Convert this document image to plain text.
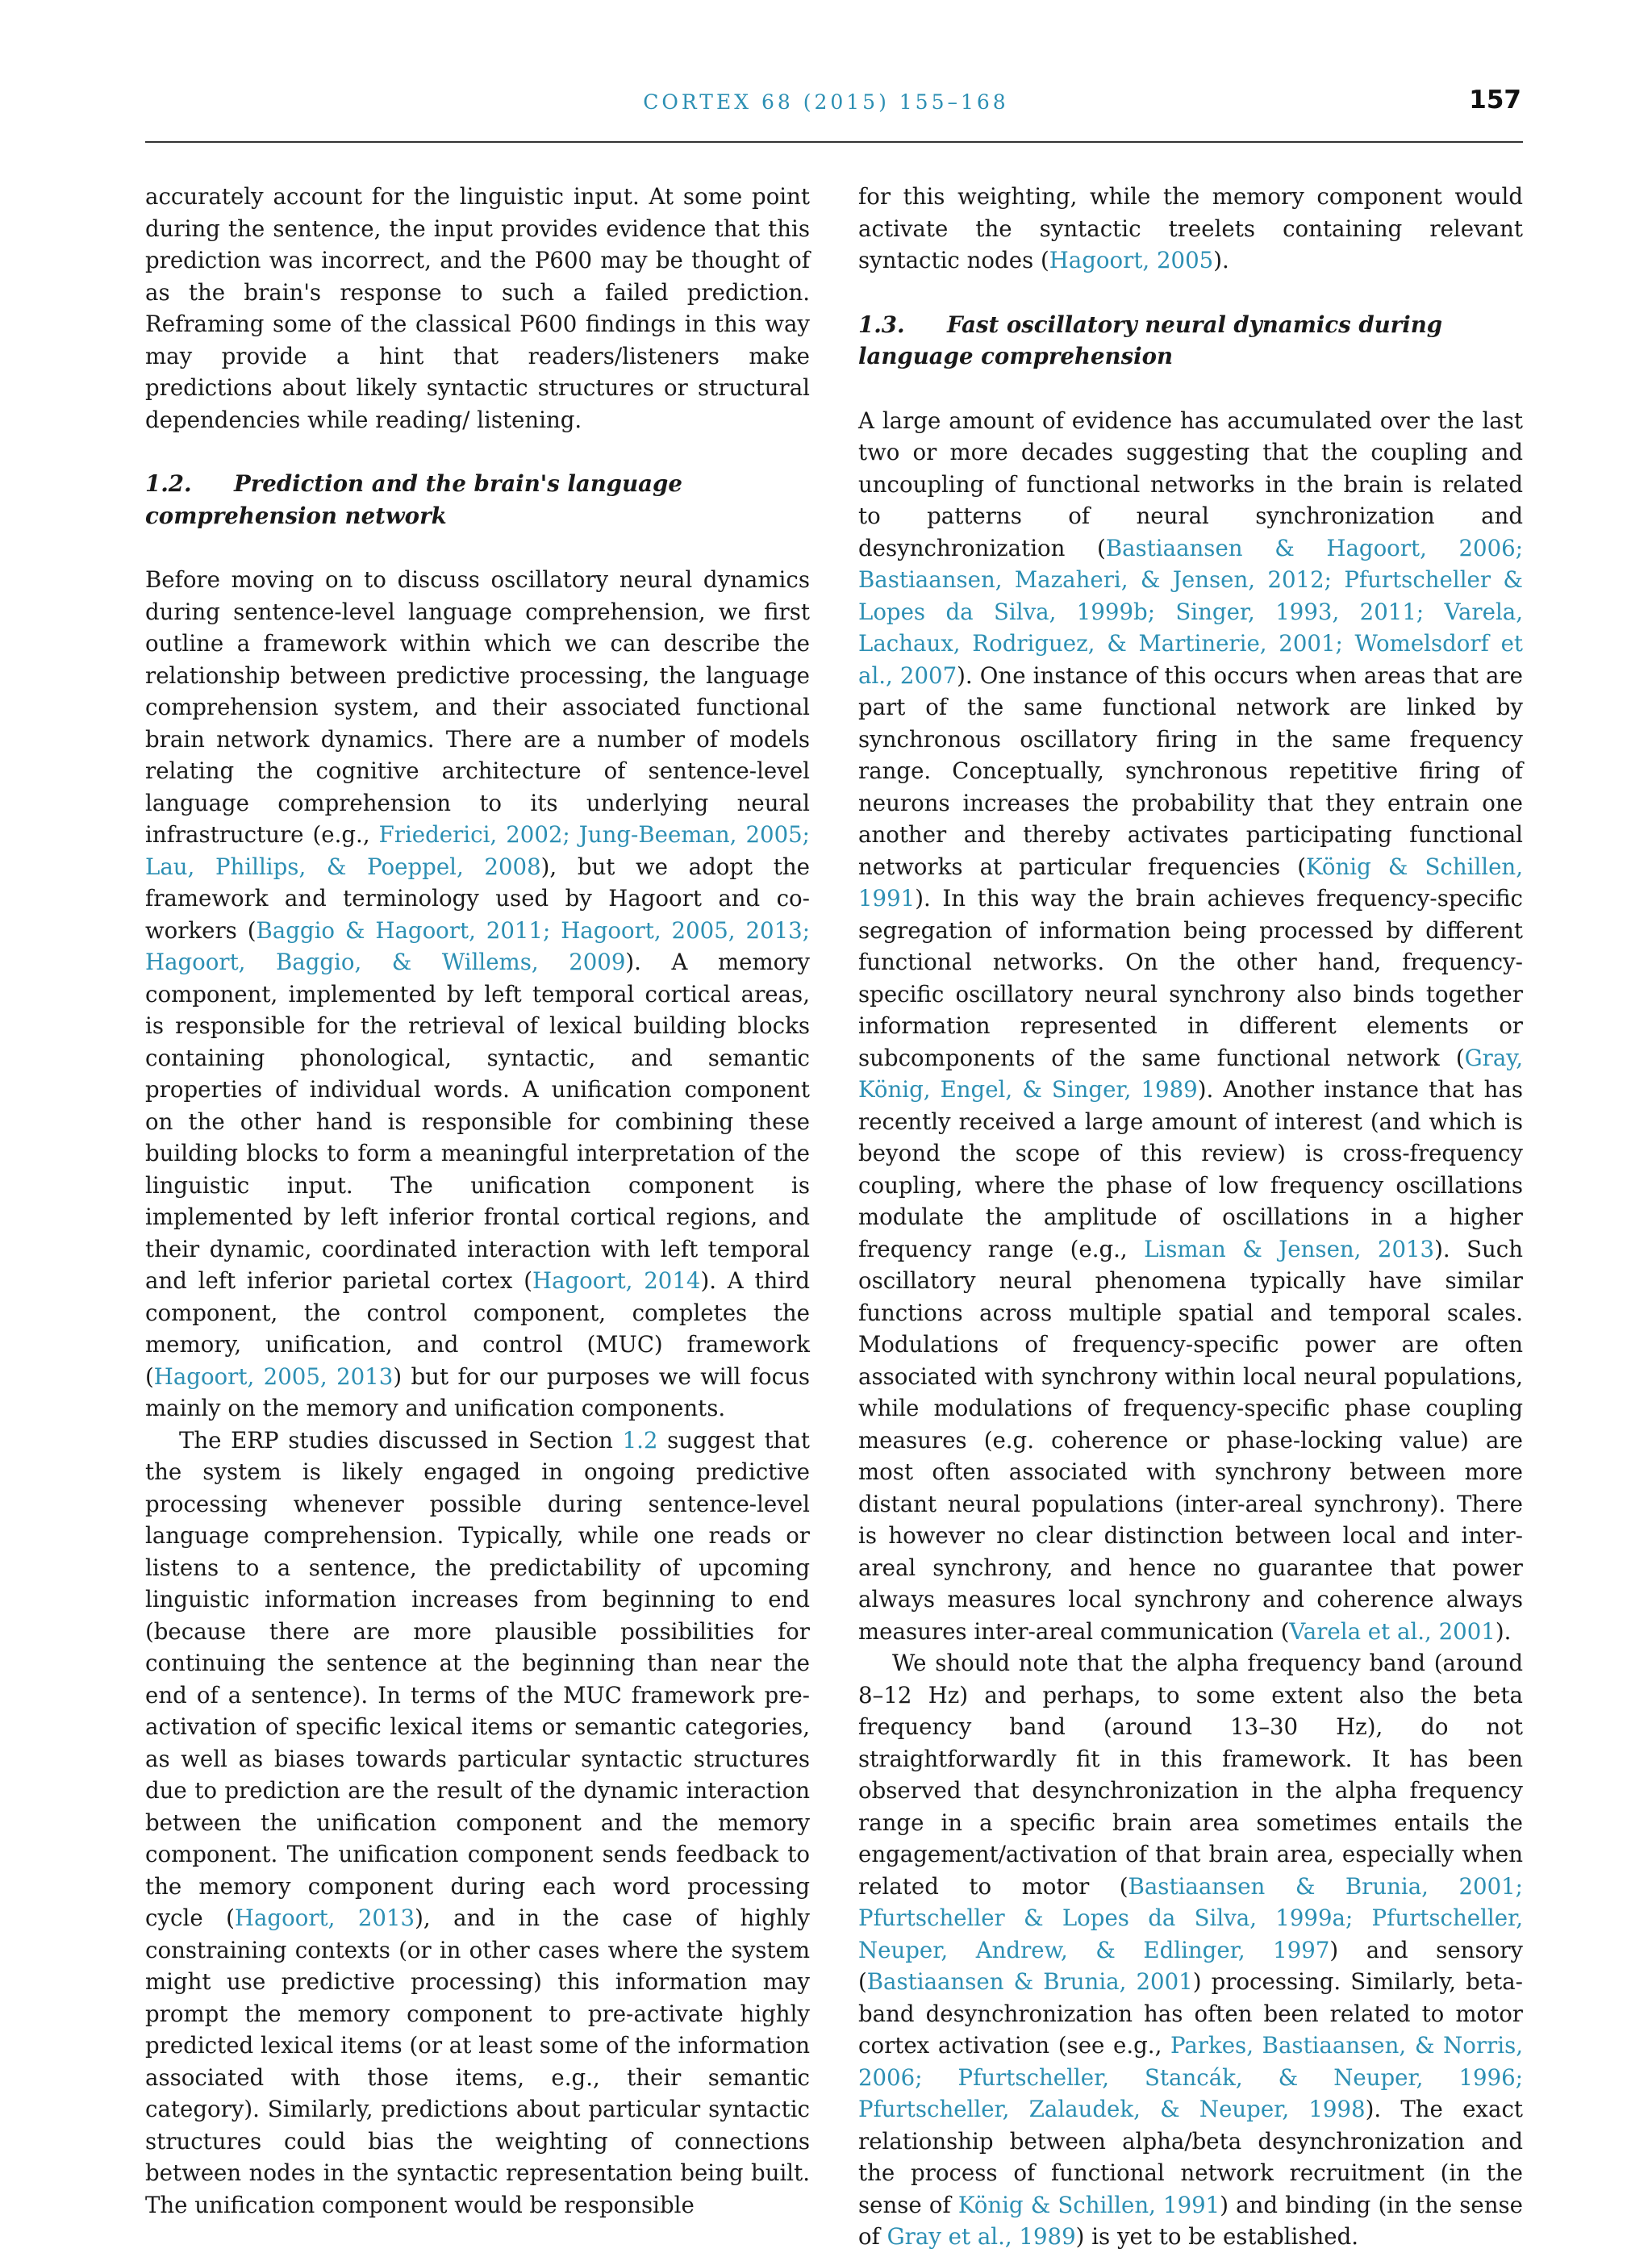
CORTEX 68 (2015) 155–168	157

accurately account for the linguistic input. At some point during the sentence, the input provides evidence that this prediction was incorrect, and the P600 may be thought of as the brain's response to such a failed prediction. Reframing some of the classical P600 findings in this way may provide a hint that readers/listeners make predictions about likely syntactic structures or structural dependencies while reading/ listening.

1.2. Prediction and the brain's language comprehension network

Before moving on to discuss oscillatory neural dynamics during sentence-level language comprehension, we first outline a framework within which we can describe the relationship between predictive processing, the language comprehension system, and their associated functional brain network dynamics. There are a number of models relating the cognitive architecture of sentence-level language comprehension to its underlying neural infrastructure (e.g., Friederici, 2002; Jung-Beeman, 2005; Lau, Phillips, & Poeppel, 2008), but we adopt the framework and terminology used by Hagoort and co-workers (Baggio & Hagoort, 2011; Hagoort, 2005, 2013; Hagoort, Baggio, & Willems, 2009). A memory component, implemented by left temporal cortical areas, is responsible for the retrieval of lexical building blocks containing phonological, syntactic, and semantic properties of individual words. A unification component on the other hand is responsible for combining these building blocks to form a meaningful interpretation of the linguistic input. The unification component is implemented by left inferior frontal cortical regions, and their dynamic, coordinated interaction with left temporal and left inferior parietal cortex (Hagoort, 2014). A third component, the control component, completes the memory, unification, and control (MUC) framework (Hagoort, 2005, 2013) but for our purposes we will focus mainly on the memory and unification components.

The ERP studies discussed in Section 1.2 suggest that the system is likely engaged in ongoing predictive processing whenever possible during sentence-level language comprehension. Typically, while one reads or listens to a sentence, the predictability of upcoming linguistic information increases from beginning to end (because there are more plausible possibilities for continuing the sentence at the beginning than near the end of a sentence). In terms of the MUC framework pre-activation of specific lexical items or semantic categories, as well as biases towards particular syntactic structures due to prediction are the result of the dynamic interaction between the unification component and the memory component. The unification component sends feedback to the memory component during each word processing cycle (Hagoort, 2013), and in the case of highly constraining contexts (or in other cases where the system might use predictive processing) this information may prompt the memory component to pre-activate highly predicted lexical items (or at least some of the information associated with those items, e.g., their semantic category). Similarly, predictions about particular syntactic structures could bias the weighting of connections between nodes in the syntactic representation being built. The unification component would be responsible

for this weighting, while the memory component would activate the syntactic treelets containing relevant syntactic nodes (Hagoort, 2005).

1.3. Fast oscillatory neural dynamics during language comprehension

A large amount of evidence has accumulated over the last two or more decades suggesting that the coupling and uncoupling of functional networks in the brain is related to patterns of neural synchronization and desynchronization (Bastiaansen & Hagoort, 2006; Bastiaansen, Mazaheri, & Jensen, 2012; Pfurtscheller & Lopes da Silva, 1999b; Singer, 1993, 2011; Varela, Lachaux, Rodriguez, & Martinerie, 2001; Womelsdorf et al., 2007). One instance of this occurs when areas that are part of the same functional network are linked by synchronous oscillatory firing in the same frequency range. Conceptually, synchronous repetitive firing of neurons increases the probability that they entrain one another and thereby activates participating functional networks at particular frequencies (König & Schillen, 1991). In this way the brain achieves frequency-specific segregation of information being processed by different functional networks. On the other hand, frequency-specific oscillatory neural synchrony also binds together information represented in different elements or subcomponents of the same functional network (Gray, König, Engel, & Singer, 1989). Another instance that has recently received a large amount of interest (and which is beyond the scope of this review) is cross-frequency coupling, where the phase of low frequency oscillations modulate the amplitude of oscillations in a higher frequency range (e.g., Lisman & Jensen, 2013). Such oscillatory neural phenomena typically have similar functions across multiple spatial and temporal scales. Modulations of frequency-specific power are often associated with synchrony within local neural populations, while modulations of frequency-specific phase coupling measures (e.g. coherence or phase-locking value) are most often associated with synchrony between more distant neural populations (inter-areal synchrony). There is however no clear distinction between local and inter-areal synchrony, and hence no guarantee that power always measures local synchrony and coherence always measures inter-areal communication (Varela et al., 2001).

We should note that the alpha frequency band (around 8–12 Hz) and perhaps, to some extent also the beta frequency band (around 13–30 Hz), do not straightforwardly fit in this framework. It has been observed that desynchronization in the alpha frequency range in a specific brain area sometimes entails the engagement/activation of that brain area, especially when related to motor (Bastiaansen & Brunia, 2001; Pfurtscheller & Lopes da Silva, 1999a; Pfurtscheller, Neuper, Andrew, & Edlinger, 1997) and sensory (Bastiaansen & Brunia, 2001) processing. Similarly, beta-band desynchronization has often been related to motor cortex activation (see e.g., Parkes, Bastiaansen, & Norris, 2006; Pfurtscheller, Stancák, & Neuper, 1996; Pfurtscheller, Zalaudek, & Neuper, 1998). The exact relationship between alpha/beta desynchronization and the process of functional network recruitment (in the sense of König & Schillen, 1991) and binding (in the sense of Gray et al., 1989) is yet to be established.
